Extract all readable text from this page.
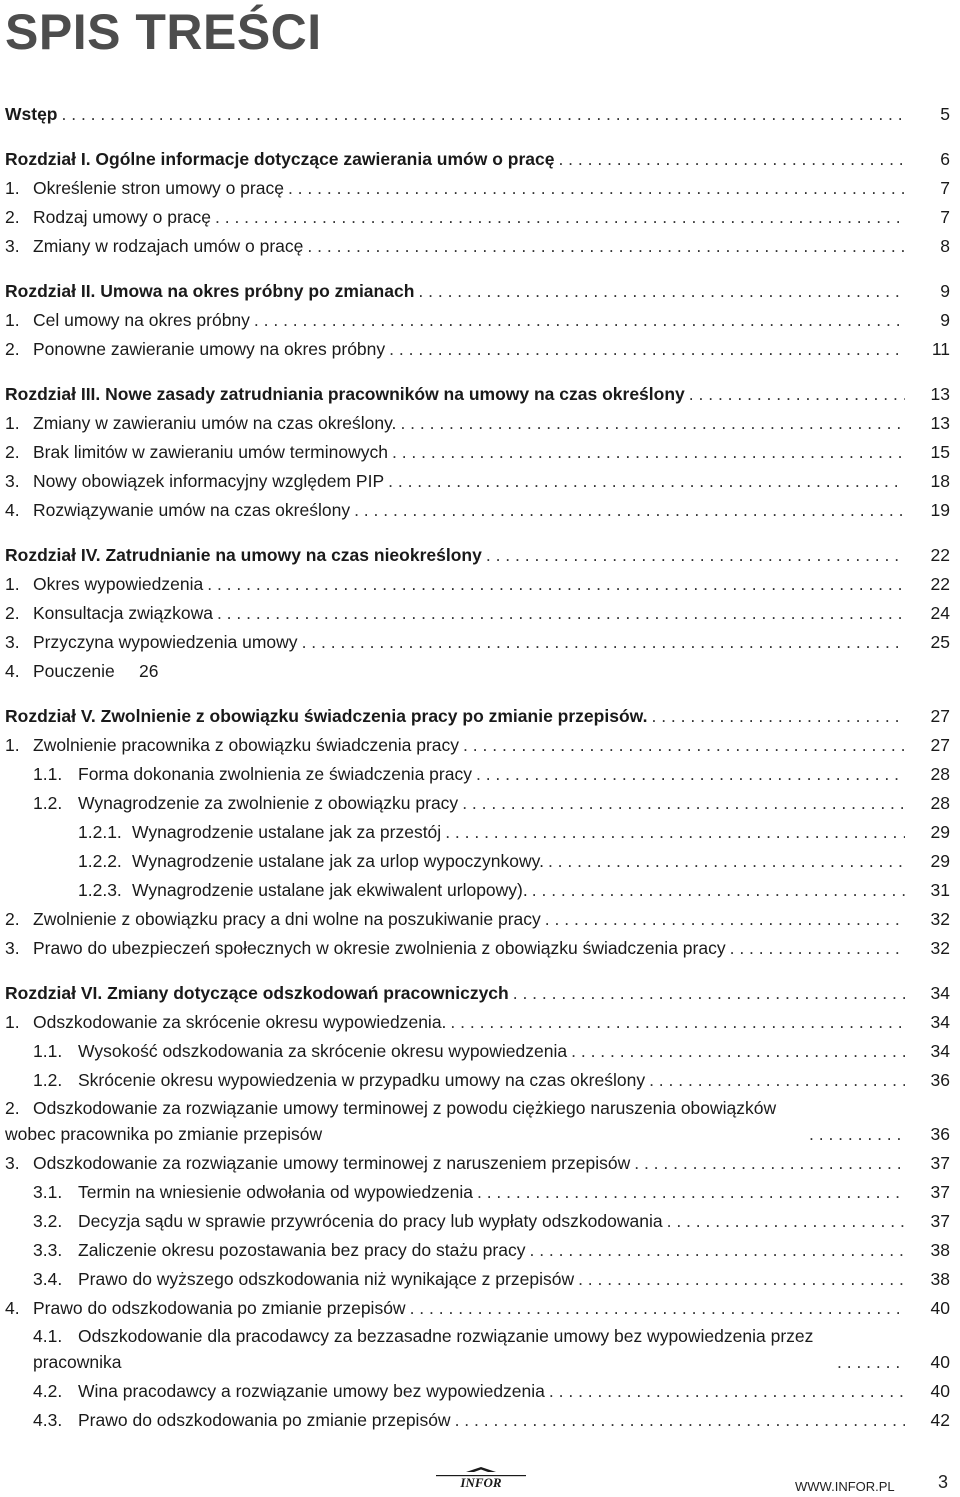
SPIS TREŚCI
Wstęp . . .	5
Rozdział I. Ogólne informacje dotyczące zawierania umów o pracę . . .	6
1. Określenie stron umowy o pracę . . .	7
2. Rodzaj umowy o pracę . . .	7
3. Zmiany w rodzajach umów o pracę . . .	8
Rozdział II. Umowa na okres próbny po zmianach . . .	9
1. Cel umowy na okres próbny . . .	9
2. Ponowne zawieranie umowy na okres próbny . . .	11
Rozdział III. Nowe zasady zatrudniania pracowników na umowy na czas określony . . .	13
1. Zmiany w zawieraniu umów na czas określony. . . .	13
2. Brak limitów w zawieraniu umów terminowych . . .	15
3. Nowy obowiązek informacyjny względem PIP . . .	18
4. Rozwiązywanie umów na czas określony . . .	19
Rozdział IV. Zatrudnianie na umowy na czas nieokreślony . . .	22
1. Okres wypowiedzenia . . .	22
2. Konsultacja związkowa . . .	24
3. Przyczyna wypowiedzenia umowy . . .	25
4. Pouczenie     26
Rozdział V. Zwolnienie z obowiązku świadczenia pracy po zmianie przepisów. . . .	27
1. Zwolnienie pracownika z obowiązku świadczenia pracy . . .	27
1.1. Forma dokonania zwolnienia ze świadczenia pracy . . .	28
1.2. Wynagrodzenie za zwolnienie z obowiązku pracy . . .	28
1.2.1. Wynagrodzenie ustalane jak za przestój . . .	29
1.2.2. Wynagrodzenie ustalane jak za urlop wypoczynkowy. . . .	29
1.2.3. Wynagrodzenie ustalane jak ekwiwalent urlopowy). . . .	31
2. Zwolnienie z obowiązku pracy a dni wolne na poszukiwanie pracy . . .	32
3. Prawo do ubezpieczeń społecznych w okresie zwolnienia z obowiązku świadczenia pracy . . .	32
Rozdział VI. Zmiany dotyczące odszkodowań pracowniczych . . .	34
1. Odszkodowanie za skrócenie okresu wypowiedzenia. . . .	34
1.1. Wysokość odszkodowania za skrócenie okresu wypowiedzenia . . .	34
1.2. Skrócenie okresu wypowiedzenia w przypadku umowy na czas określony . . .	36
2. Odszkodowanie za rozwiązanie umowy terminowej z powodu ciężkiego naruszenia obowiązków wobec pracownika po zmianie przepisów . . .	36
3. Odszkodowanie za rozwiązanie umowy terminowej z naruszeniem przepisów . . .	37
3.1. Termin na wniesienie odwołania od wypowiedzenia . . .	37
3.2. Decyzja sądu w sprawie przywrócenia do pracy lub wypłaty odszkodowania . . .	37
3.3. Zaliczenie okresu pozostawania bez pracy do stażu pracy . . .	38
3.4. Prawo do wyższego odszkodowania niż wynikające z przepisów . . .	38
4. Prawo do odszkodowania po zmianie przepisów . . .	40
4.1. Odszkodowanie dla pracodawcy za bezzasadne rozwiązanie umowy bez wypowiedzenia przez pracownika . . .	40
4.2. Wina pracodawcy a rozwiązanie umowy bez wypowiedzenia . . .	40
4.3. Prawo do odszkodowania po zmianie przepisów . . .	42
INFOR	WWW.INFOR.PL 3
